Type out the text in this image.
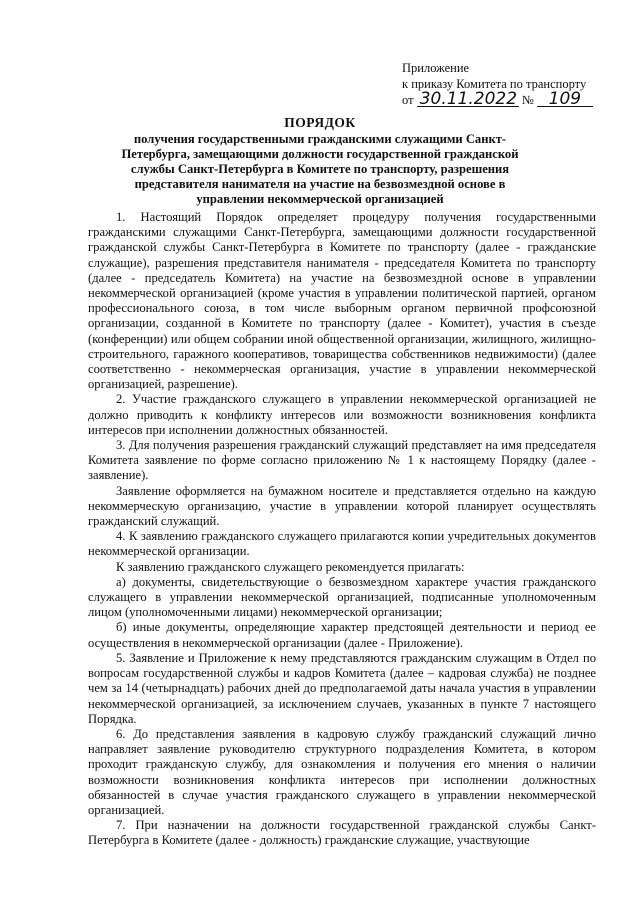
Приложение
к приказу Комитета по транспорту
от 30.11.2022 № 109
ПОРЯДОК
получения государственными гражданскими служащими Санкт-Петербурга, замещающими должности государственной гражданской службы Санкт-Петербурга в Комитете по транспорту, разрешения представителя нанимателя на участие на безвозмездной основе в управлении некоммерческой организацией

1. Настоящий Порядок определяет процедуру получения государственными гражданскими служащими Санкт-Петербурга, замещающими должности государственной гражданской службы Санкт-Петербурга в Комитете по транспорту (далее - гражданские служащие), разрешения представителя нанимателя - председателя Комитета по транспорту (далее - председатель Комитета) на участие на безвозмездной основе в управлении некоммерческой организацией (кроме участия в управлении политической партией, органом профессионального союза, в том числе выборным органом первичной профсоюзной организации, созданной в Комитете по транспорту (далее - Комитет), участия в съезде (конференции) или общем собрании иной общественной организации, жилищного, жилищно-строительного, гаражного кооперативов, товарищества собственников недвижимости) (далее соответственно - некоммерческая организация, участие в управлении некоммерческой организацией, разрешение).

2. Участие гражданского служащего в управлении некоммерческой организацией не должно приводить к конфликту интересов или возможности возникновения конфликта интересов при исполнении должностных обязанностей.

3. Для получения разрешения гражданский служащий представляет на имя председателя Комитета заявление по форме согласно приложению № 1 к настоящему Порядку (далее - заявление).

Заявление оформляется на бумажном носителе и представляется отдельно на каждую некоммерческую организацию, участие в управлении которой планирует осуществлять гражданский служащий.

4. К заявлению гражданского служащего прилагаются копии учредительных документов некоммерческой организации.

К заявлению гражданского служащего рекомендуется прилагать:

а) документы, свидетельствующие о безвозмездном характере участия гражданского служащего в управлении некоммерческой организацией, подписанные уполномоченным лицом (уполномоченными лицами) некоммерческой организации;

б) иные документы, определяющие характер предстоящей деятельности и период ее осуществления в некоммерческой организации (далее - Приложение).

5. Заявление и Приложение к нему представляются гражданским служащим в Отдел по вопросам государственной службы и кадров Комитета (далее – кадровая служба) не позднее чем за 14 (четырнадцать) рабочих дней до предполагаемой даты начала участия в управлении некоммерческой организацией, за исключением случаев, указанных в пункте 7 настоящего Порядка.

6. До представления заявления в кадровую службу гражданский служащий лично направляет заявление руководителю структурного подразделения Комитета, в котором проходит гражданскую службу, для ознакомления и получения его мнения о наличии возможности возникновения конфликта интересов при исполнении должностных обязанностей в случае участия гражданского служащего в управлении некоммерческой организацией.

7. При назначении на должности государственной гражданской службы Санкт-Петербурга в Комитете (далее - должность) гражданские служащие, участвующие
